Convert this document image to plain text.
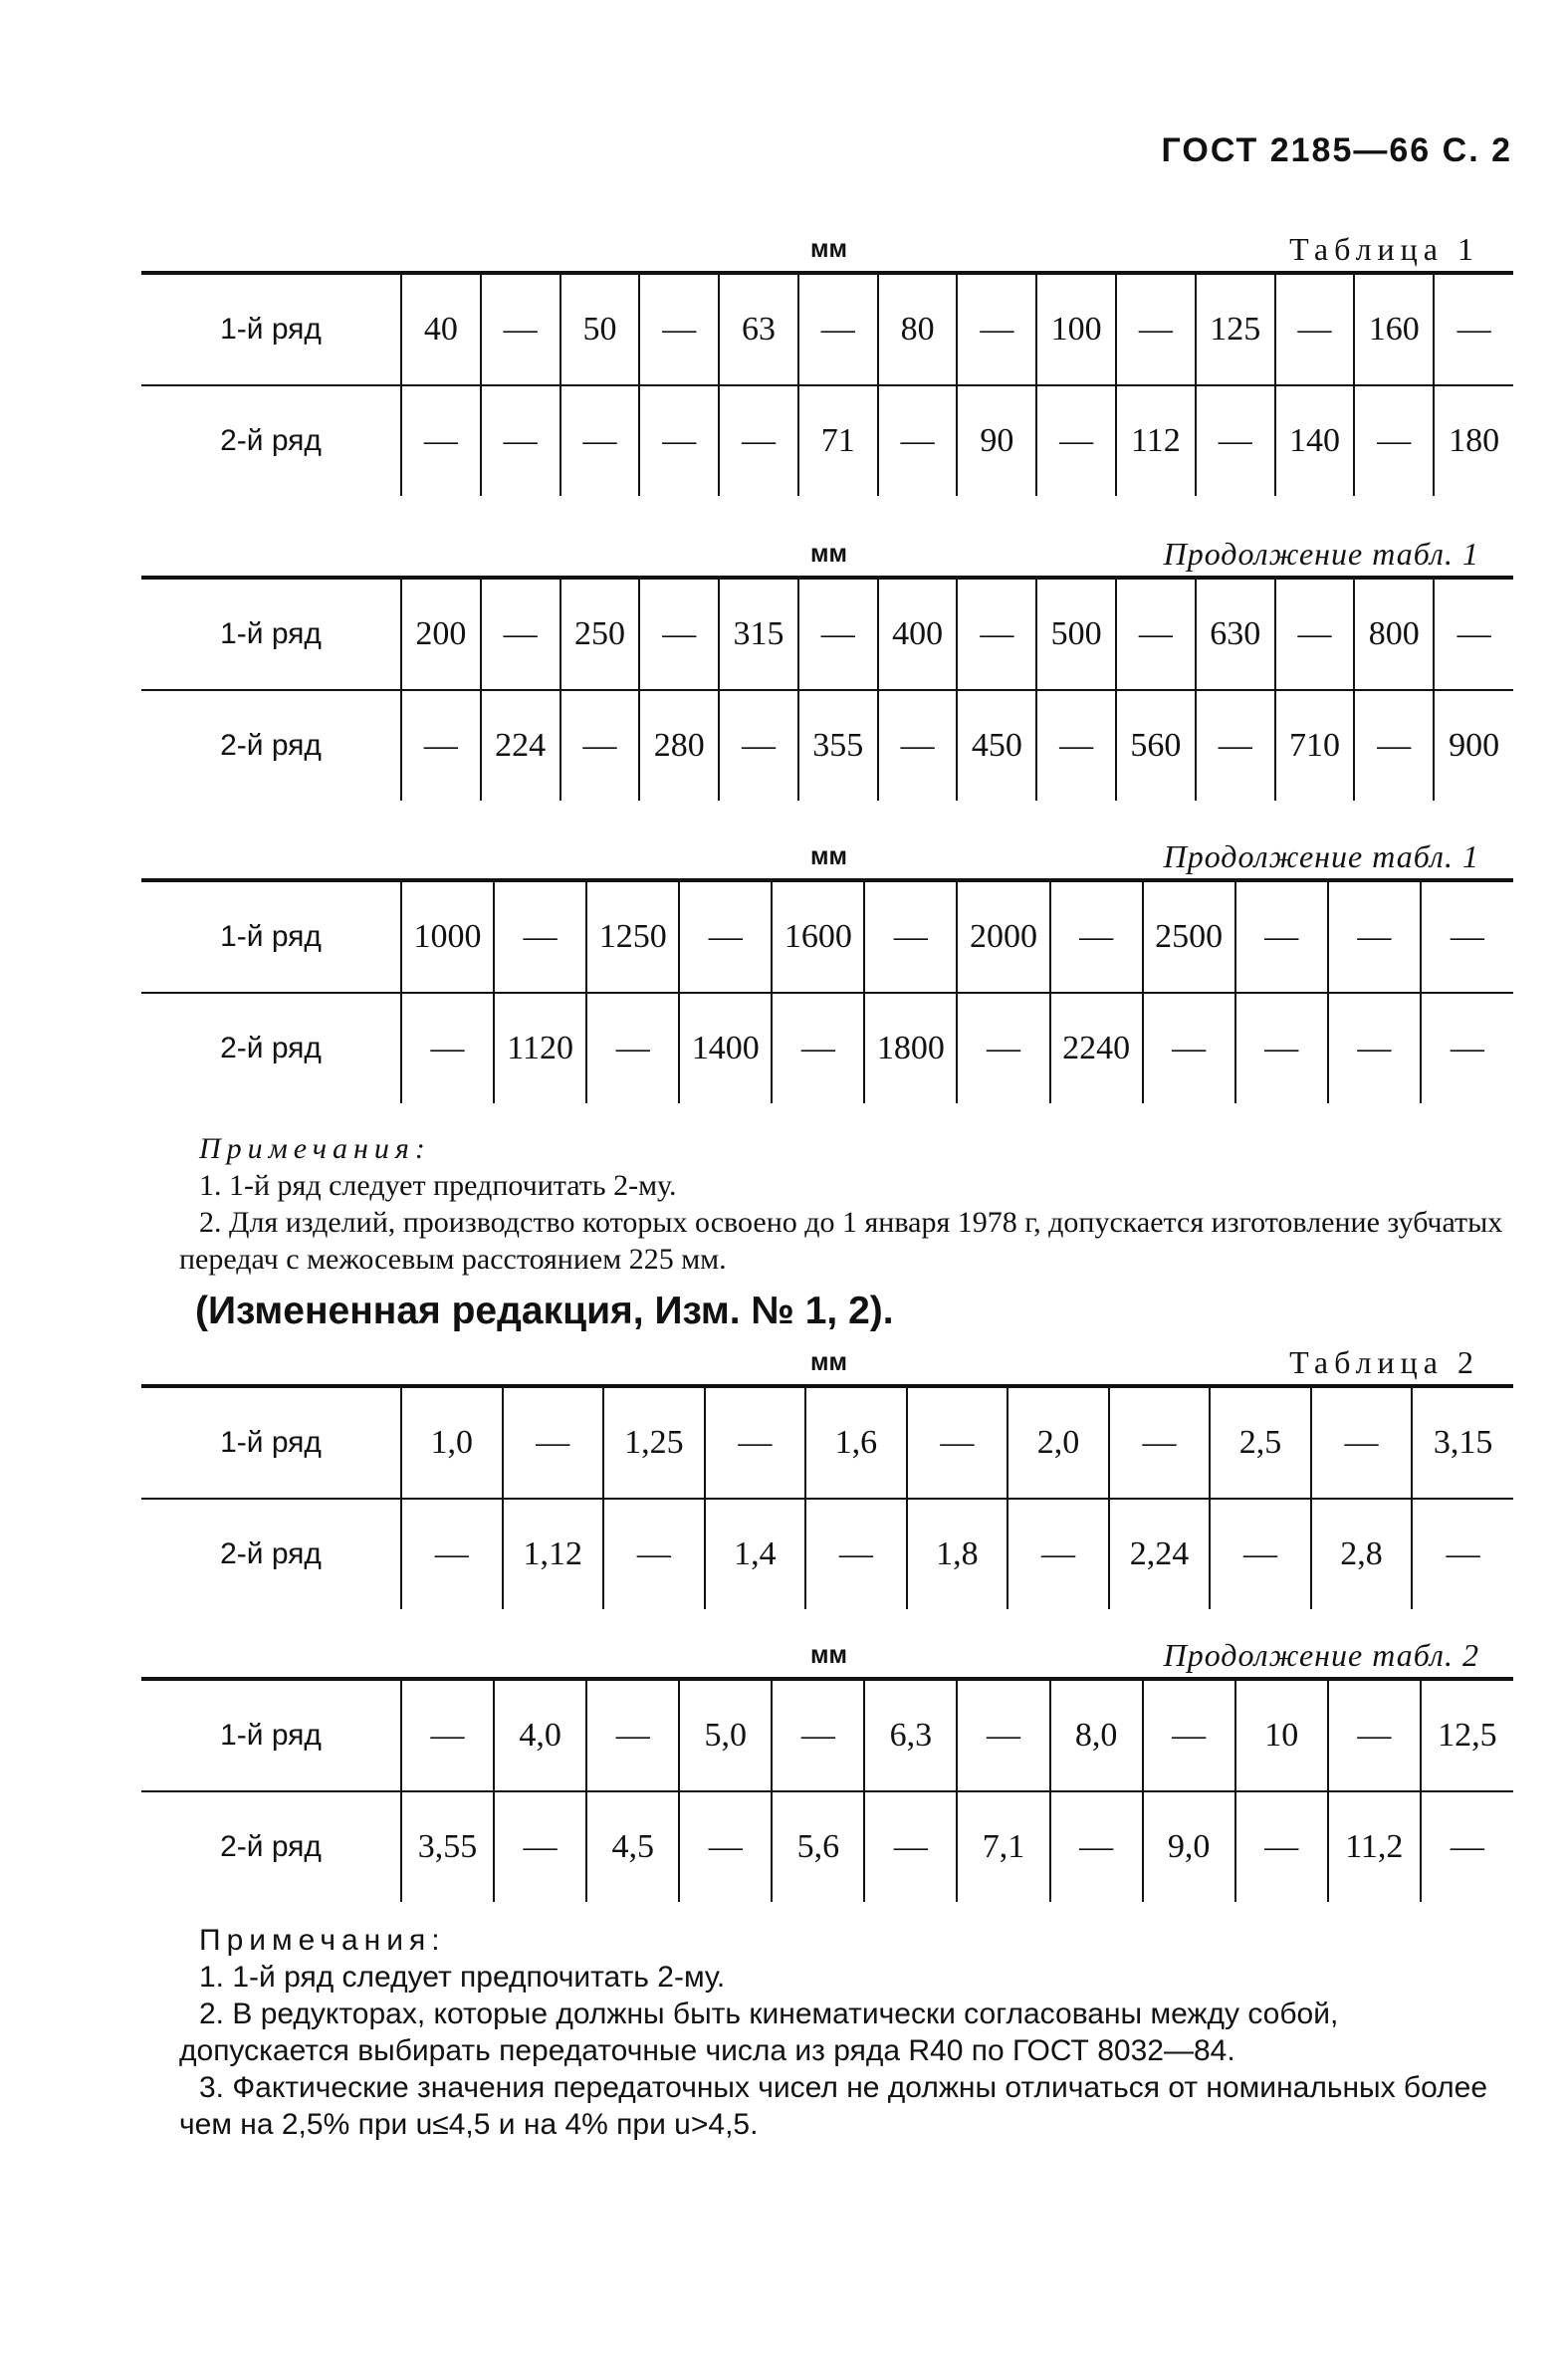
ГОСТ 2185—66 С. 2
мм	Таблица 1
1-й ряд	40	—	50	—	63	—	80	—	100	—	125	—	160	—
2-й ряд	—	—	—	—	—	71	—	90	—	112	—	140	—	180
мм	Продолжение табл. 1
1-й ряд	200	—	250	—	315	—	400	—	500	—	630	—	800	—
2-й ряд	—	224	—	280	—	355	—	450	—	560	—	710	—	900
мм	Продолжение табл. 1
1-й ряд	1000	—	1250	—	1600	—	2000	—	2500	—	—	—
2-й ряд	—	1120	—	1400	—	1800	—	2240	—	—	—	—

Примечания:

1. 1-й ряд следует предпочитать 2-му.

2. Для изделий, производство которых освоено до 1 января 1978 г, допускается изготовление зубчатых передач с межосевым расстоянием 225 мм.

(Измененная редакция, Изм. № 1, 2).
мм	Таблица 2
1-й ряд	1,0	—	1,25	—	1,6	—	2,0	—	2,5	—	3,15
2-й ряд	—	1,12	—	1,4	—	1,8	—	2,24	—	2,8	—
мм	Продолжение табл. 2
1-й ряд	—	4,0	—	5,0	—	6,3	—	8,0	—	10	—	12,5
2-й ряд	3,55	—	4,5	—	5,6	—	7,1	—	9,0	—	11,2	—

Примечания:

1. 1-й ряд следует предпочитать 2-му.

2. В редукторах, которые должны быть кинематически согласованы между собой, допускается выбирать передаточные числа из ряда R40 по ГОСТ 8032—84.

3. Фактические значения передаточных чисел не должны отличаться от номинальных более чем на 2,5% при u≤4,5 и на 4% при u>4,5.
